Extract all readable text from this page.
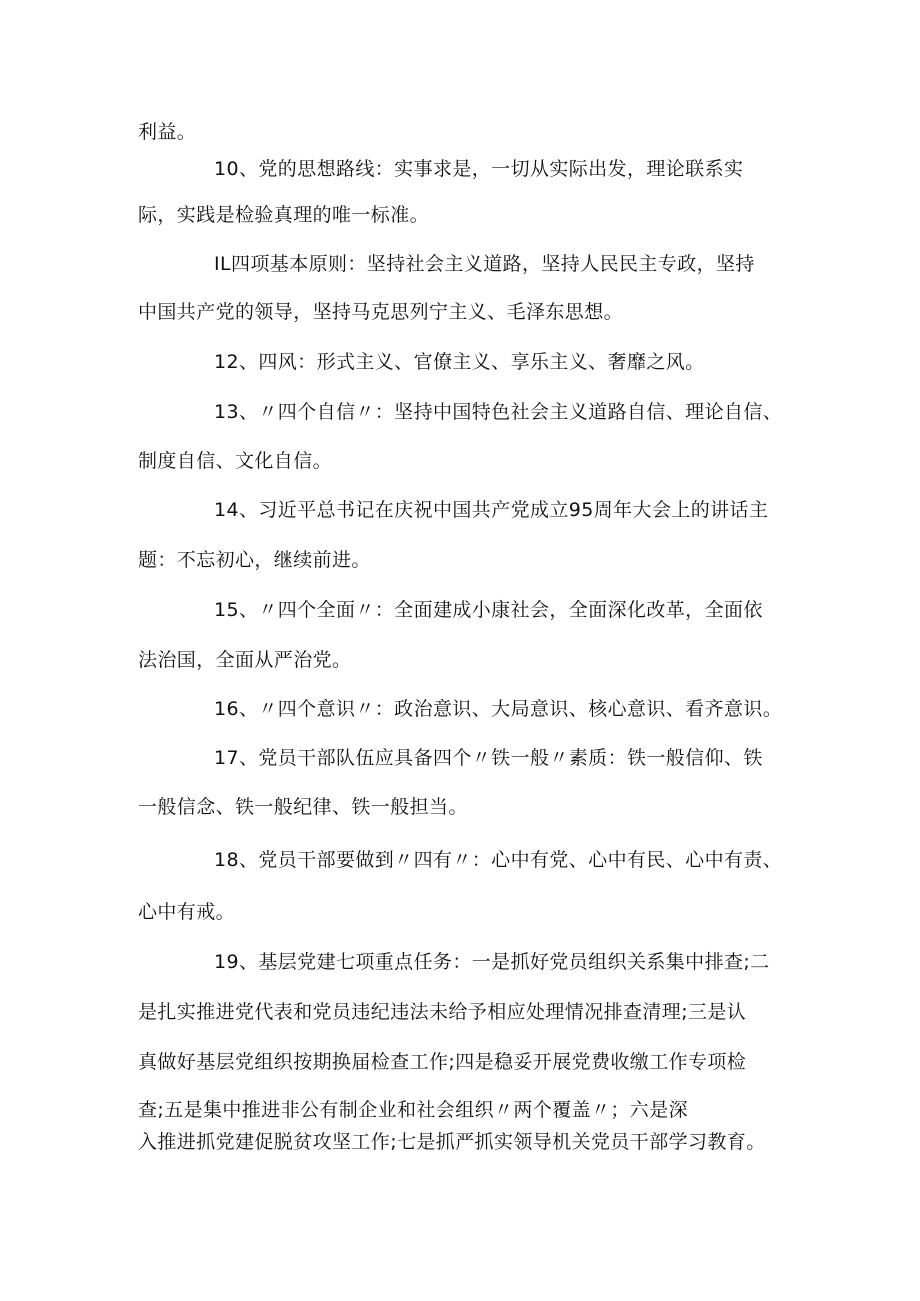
利益。
10、党的思想路线：实事求是，一切从实际出发，理论联系实
际，实践是检验真理的唯一标准。
IL四项基本原则：坚持社会主义道路，坚持人民民主专政，坚持
中国共产党的领导，坚持马克思列宁主义、毛泽东思想。
12、四风：形式主义、官僚主义、享乐主义、奢靡之风。
13、〃四个自信〃：坚持中国特色社会主义道路自信、理论自信、
制度自信、文化自信。
14、习近平总书记在庆祝中国共产党成立95周年大会上的讲话主
题：不忘初心，继续前进。
15、〃四个全面〃：全面建成小康社会，全面深化改革，全面依
法治国，全面从严治党。
16、〃四个意识〃：政治意识、大局意识、核心意识、看齐意识。
17、党员干部队伍应具备四个〃铁一般〃素质：铁一般信仰、铁
一般信念、铁一般纪律、铁一般担当。
18、党员干部要做到〃四有〃：心中有党、心中有民、心中有责、
心中有戒。
19、基层党建七项重点任务：一是抓好党员组织关系集中排查;二
是扎实推进党代表和党员违纪违法未给予相应处理情况排查清理;三是认
真做好基层党组织按期换届检查工作;四是稳妥开展党费收缴工作专项检
查;五是集中推进非公有制企业和社会组织〃两个覆盖〃；六是深
入推进抓党建促脱贫攻坚工作;七是抓严抓实领导机关党员干部学习教育。
